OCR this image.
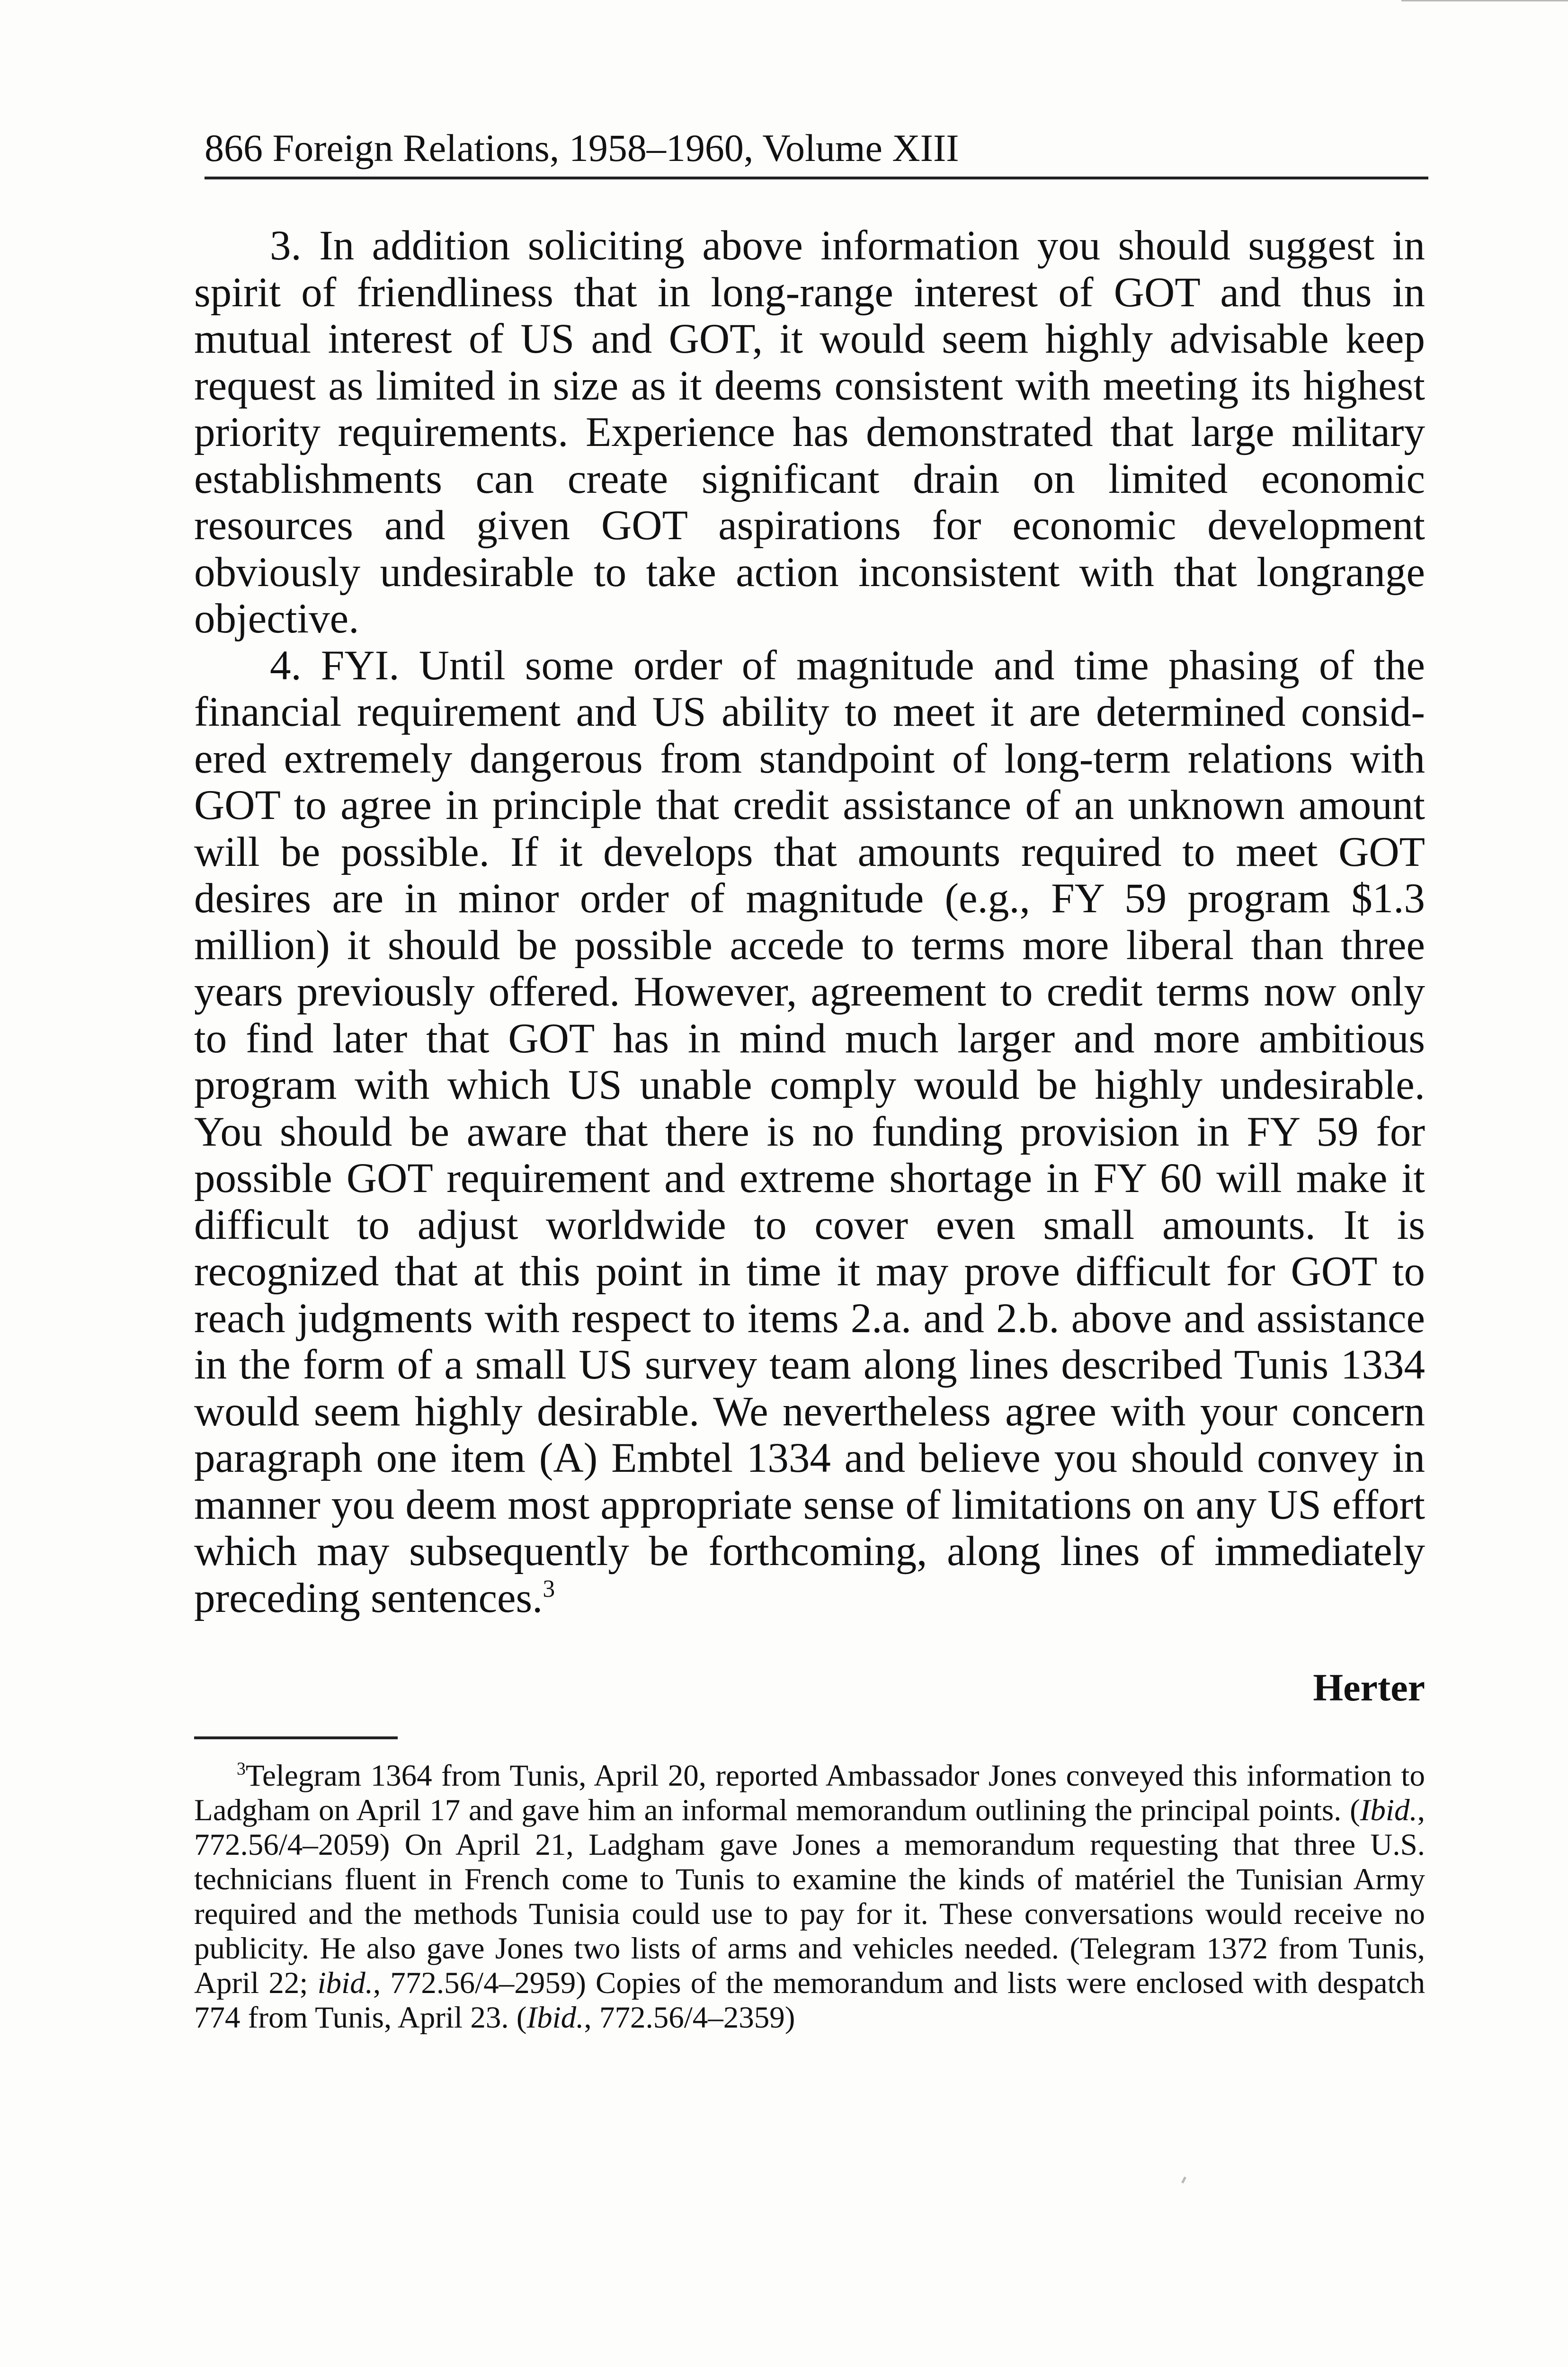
866 Foreign Relations, 1958–1960, Volume XIII

3. In addition soliciting above information you should suggest in spirit of friendliness that in long-range interest of GOT and thus in mutual interest of US and GOT, it would seem highly advisable keep request as limited in size as it deems consistent with meeting its highest priority requirements. Experience has demonstrated that large military establishments can create significant drain on limited economic resources and given GOT aspirations for economic development obviously undesirable to take action inconsistent with that longrange objective.

4. FYI. Until some order of magnitude and time phasing of the financial requirement and US ability to meet it are determined considered extremely dangerous from standpoint of long-term relations with GOT to agree in principle that credit assistance of an unknown amount will be possible. If it develops that amounts required to meet GOT desires are in minor order of magnitude (e.g., FY 59 program $1.3 million) it should be possible accede to terms more liberal than three years previously offered. However, agreement to credit terms now only to find later that GOT has in mind much larger and more ambitious program with which US unable comply would be highly undesirable. You should be aware that there is no funding provision in FY 59 for possible GOT requirement and extreme shortage in FY 60 will make it difficult to adjust worldwide to cover even small amounts. It is recognized that at this point in time it may prove difficult for GOT to reach judgments with respect to items 2.a. and 2.b. above and assistance in the form of a small US survey team along lines described Tunis 1334 would seem highly desirable. We nevertheless agree with your concern paragraph one item (A) Embtel 1334 and believe you should convey in manner you deem most appropriate sense of limitations on any US effort which may subsequently be forthcoming, along lines of immediately preceding sentences.$^3$

Herter

$^3$Telegram 1364 from Tunis, April 20, reported Ambassador Jones conveyed this information to Ladgham on April 17 and gave him an informal memorandum outlining the principal points. (Ibid., 772.56/4–2059) On April 21, Ladgham gave Jones a memorandum requesting that three U.S. technicians fluent in French come to Tunis to examine the kinds of matériel the Tunisian Army required and the methods Tunisia could use to pay for it. These conversations would receive no publicity. He also gave Jones two lists of arms and vehicles needed. (Telegram 1372 from Tunis, April 22; ibid., 772.56/4–2959) Copies of the memorandum and lists were enclosed with despatch 774 from Tunis, April 23. (Ibid., 772.56/4–2359)
